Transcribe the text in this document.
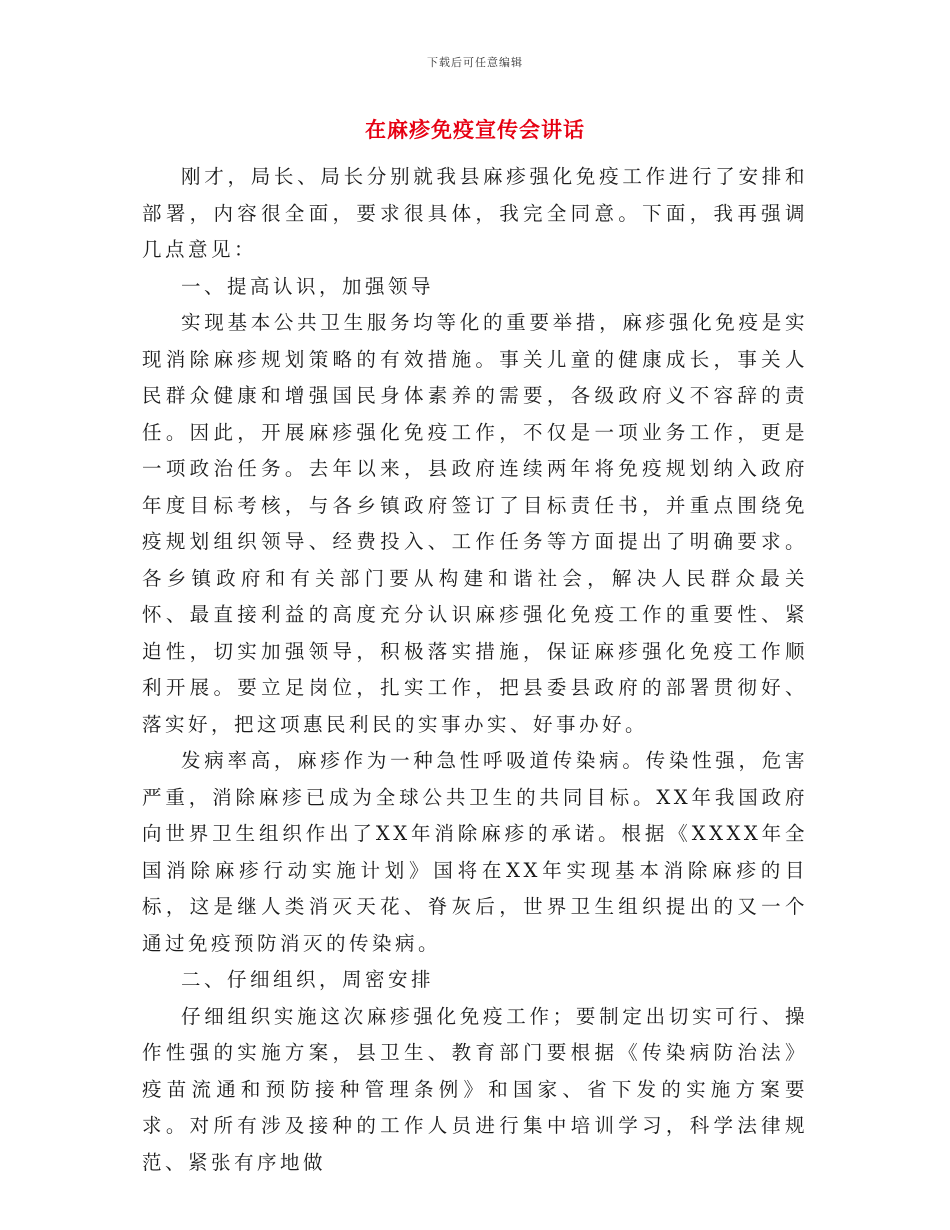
下载后可任意编辑
在麻疹免疫宣传会讲话

刚才，局长、局长分别就我县麻疹强化免疫工作进行了安排和部署，内容很全面，要求很具体，我完全同意。下面，我再强调几点意见：

一、提高认识，加强领导

实现基本公共卫生服务均等化的重要举措，麻疹强化免疫是实现消除麻疹规划策略的有效措施。事关儿童的健康成长，事关人民群众健康和增强国民身体素养的需要，各级政府义不容辞的责任。因此，开展麻疹强化免疫工作，不仅是一项业务工作，更是一项政治任务。去年以来，县政府连续两年将免疫规划纳入政府年度目标考核，与各乡镇政府签订了目标责任书，并重点围绕免疫规划组织领导、经费投入、工作任务等方面提出了明确要求。各乡镇政府和有关部门要从构建和谐社会，解决人民群众最关怀、最直接利益的高度充分认识麻疹强化免疫工作的重要性、紧迫性，切实加强领导，积极落实措施，保证麻疹强化免疫工作顺利开展。要立足岗位，扎实工作，把县委县政府的部署贯彻好、落实好，把这项惠民利民的实事办实、好事办好。

发病率高，麻疹作为一种急性呼吸道传染病。传染性强，危害严重，消除麻疹已成为全球公共卫生的共同目标。XX年我国政府向世界卫生组织作出了XX年消除麻疹的承诺。根据《XXXX年全国消除麻疹行动实施计划》国将在XX年实现基本消除麻疹的目标，这是继人类消灭天花、脊灰后，世界卫生组织提出的又一个通过免疫预防消灭的传染病。

二、仔细组织，周密安排

仔细组织实施这次麻疹强化免疫工作；要制定出切实可行、操作性强的实施方案，县卫生、教育部门要根据《传染病防治法》疫苗流通和预防接种管理条例》和国家、省下发的实施方案要求。对所有涉及接种的工作人员进行集中培训学习，科学法律规范、紧张有序地做
